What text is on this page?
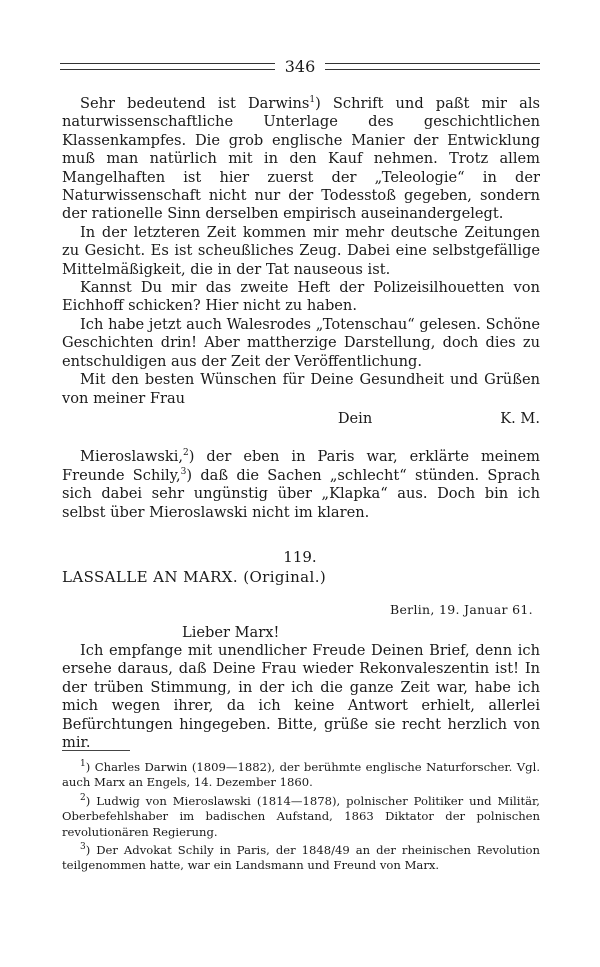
346

Sehr bedeutend ist Darwins$^1$) Schrift und paßt mir als naturwissenschaftliche Unterlage des geschichtlichen Klassenkampfes. Die grob englische Manier der Entwicklung muß man natürlich mit in den Kauf nehmen. Trotz allem Mangelhaften ist hier zuerst der „Teleologie“ in der Naturwissenschaft nicht nur der Todesstoß gegeben, sondern der rationelle Sinn derselben empirisch auseinandergelegt.

In der letzteren Zeit kommen mir mehr deutsche Zeitungen zu Gesicht. Es ist scheußliches Zeug. Dabei eine selbstgefällige Mittelmäßigkeit, die in der Tat nauseous ist.

Kannst Du mir das zweite Heft der Polizeisilhouetten von Eichhoff schicken? Hier nicht zu haben.

Ich habe jetzt auch Walesrodes „Totenschau“ gelesen. Schöne Geschichten drin! Aber mattherzige Darstellung, doch dies zu entschuldigen aus der Zeit der Veröffentlichung.

Mit den besten Wünschen für Deine Gesundheit und Grüßen von meiner Frau

Dein	K. M.

Mieroslawski,$^2$) der eben in Paris war, erklärte meinem Freunde Schily,$^3$) daß die Sachen „schlecht“ stünden. Sprach sich dabei sehr ungünstig über „Klapka“ aus. Doch bin ich selbst über Mieroslawski nicht im klaren.

119.
LASSALLE AN MARX. (Original.)
Berlin, 19. Januar 61.
Lieber Marx!

Ich empfange mit unendlicher Freude Deinen Brief, denn ich ersehe daraus, daß Deine Frau wieder Rekonvaleszentin ist! In der trüben Stimmung, in der ich die ganze Zeit war, habe ich mich wegen ihrer, da ich keine Antwort erhielt, allerlei Befürchtungen hingegeben. Bitte, grüße sie recht herzlich von mir.

$^1$) Charles Darwin (1809—1882), der berühmte englische Naturforscher. Vgl. auch Marx an Engels, 14. Dezember 1860.

$^2$) Ludwig von Mieroslawski (1814—1878), polnischer Politiker und Militär, Oberbefehlshaber im badischen Aufstand, 1863 Diktator der polnischen revolutionären Regierung.

$^3$) Der Advokat Schily in Paris, der 1848/49 an der rheinischen Revolution teilgenommen hatte, war ein Landsmann und Freund von Marx.
